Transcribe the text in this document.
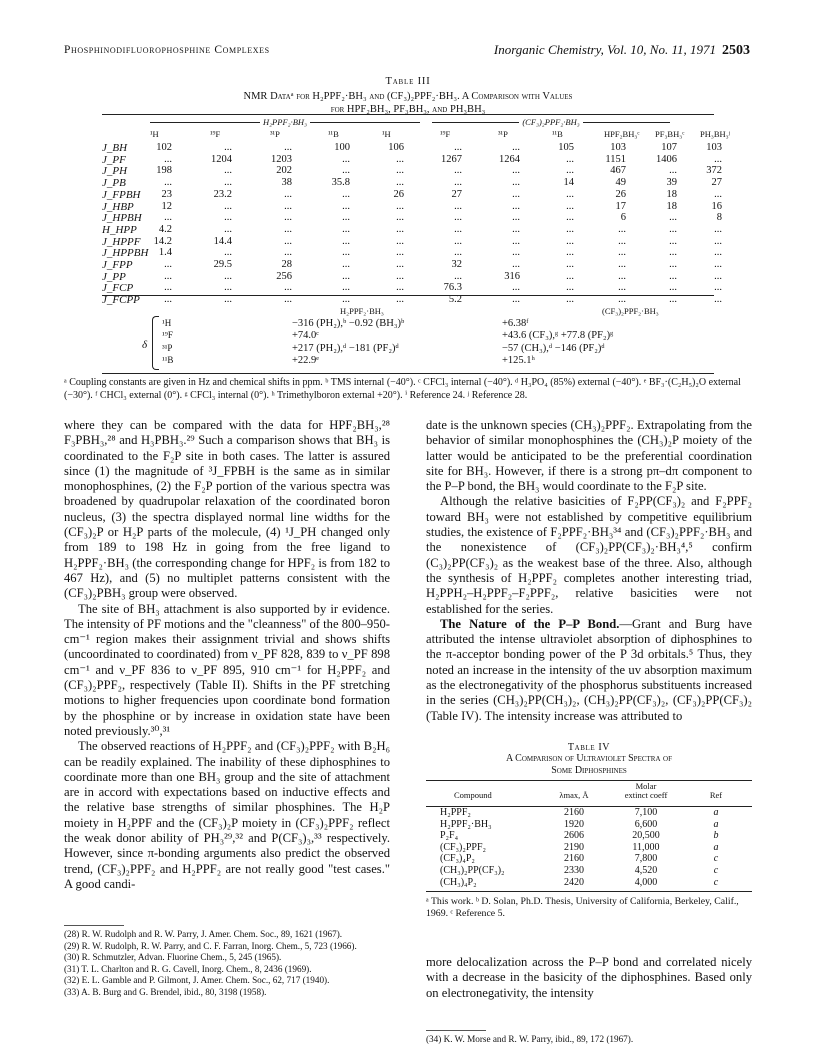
Phosphinodifluorophosphine Complexes	Inorganic Chemistry, Vol. 10, No. 11, 1971 2503
Table III
NMR Dataᵃ for H₂PPF₂·BH₃ and (CF₃)₂PPF₂·BH₃. A Comparison with Values
for HPF₂BH₃, PF₃BH₃, and PH₃BH₃
H₂PPF₂·BH₃	(CF₃)₂PPF₂·BH₃
¹H	¹⁹F	³¹P	¹¹B	¹H	¹⁹F	³¹P	¹¹B	HPF₂BH₃ᶜ PF₃BH₃ᶜ PH₃BH₃ʲ
J_BH	102	...	...	100	106	...	...	105	103	107	103
J_PF	...	1204	1203	...	...	1267	1264	...	1151	1406	...
J_PH	198	...	202	...	...	...	...	...	467	...	372
J_PB	...	...	38	35.8	...	...	...	14	49	39	27
J_FPBH	23	23.2	...	...	26	27	...	...	26	18	...
J_HBP	12	...	...	...	...	...	...	...	17	18	16
J_HPBH	...	...	...	...	...	...	...	...	6	...	8
H_HPP	4.2	...	...	...	...	...	...	...	...	...	...
J_HPPF	14.2	14.4	...	...	...	...	...	...	...	...	...
J_HPPBH 1.4	...	...	...	...	...	...	...	...	...	...
J_FPP	...	29.5	28	...	...	32	...	...	...	...	...
J_PP	...	...	256	...	...	...	316	...	...	...	...
J_FCP	...	...	...	...	...	76.3	...	...	...	...	...
J_FCPP	...	...	...	...	...	5.2	...	...	...	...	...
H₂PPF₂·BH₃	(CF₃)₂PPF₂·BH₃
δ
¹H	−316 (PH₂),ᵇ −0.92 (BH₃)ᵇ	+6.38ᶠ
¹⁹F	+74.0ᶜ	+43.6 (CF₃),ᵍ +77.8 (PF₂)ᵍ
³¹P	+217 (PH₂),ᵈ −181 (PF₂)ᵈ	−57 (CH₃),ᵈ −146 (PF₂)ᵈ
¹¹B	+22.9ᵉ	+125.1ʰ
ᵃ Coupling constants are given in Hz and chemical shifts in ppm. ᵇ TMS internal (−40°). ᶜ CFCl₃ internal (−40°). ᵈ H₃PO₄ (85%) external (−40°). ᵉ BF₃·(C₂H₅)₂O external (−30°). ᶠ CHCl₃ external (0°). ᵍ CFCl₃ internal (0°). ʰ Trimethylboron external +20°). ⁱ Reference 24. ʲ Reference 28.

where they can be compared with the data for HPF₂BH₃,²⁸ F₃PBH₃,²⁸ and H₃PBH₃.²⁹ Such a comparison shows that BH₃ is coordinated to the F₂P site in both cases. The latter is assured since (1) the magnitude of ³J_FPBH is the same as in similar monophosphines, (2) the F₂P portion of the various spectra was broadened by quadrupolar relaxation of the coordinated boron nucleus, (3) the spectra displayed normal line widths for the (CF₃)₂P or H₂P parts of the molecule, (4) ¹J_PH changed only from 189 to 198 Hz in going from the free ligand to H₂PPF₂·BH₃ (the corresponding change for HPF₂ is from 182 to 467 Hz), and (5) no multiplet patterns consistent with the (CF₃)₂PBH₃ group were observed.

The site of BH₃ attachment is also supported by ir evidence. The intensity of PF motions and the "cleanness" of the 800–950-cm⁻¹ region makes their assignment trivial and shows shifts (uncoordinated to coordinated) from ν_PF 828, 839 to ν_PF 898 cm⁻¹ and ν_PF 836 to ν_PF 895, 910 cm⁻¹ for H₂PPF₂ and (CF₃)₂PPF₂, respectively (Table II). Shifts in the PF stretching motions to higher frequencies upon coordinate bond formation by the phosphine or by increase in oxidation state have been noted previously.³⁰,³¹

The observed reactions of H₂PPF₂ and (CF₃)₂PPF₂ with B₂H₆ can be readily explained. The inability of these diphosphines to coordinate more than one BH₃ group and the site of attachment are in accord with expectations based on inductive effects and the relative base strengths of similar phosphines. The H₂P moiety in H₂PPF and the (CF₃)₂P moiety in (CF₃)₂PPF₂ reflect the weak donor ability of PH₃²⁹,³² and P(CF₃)₃,³³ respectively. However, since π-bonding arguments also predict the observed trend, (CF₃)₂PPF₂ and H₂PPF₂ are not really good "test cases." A good candi-

(28) R. W. Rudolph and R. W. Parry, J. Amer. Chem. Soc., 89, 1621 (1967).

(29) R. W. Rudolph, R. W. Parry, and C. F. Farran, Inorg. Chem., 5, 723 (1966).

(30) R. Schmutzler, Advan. Fluorine Chem., 5, 245 (1965).

(31) T. L. Charlton and R. G. Cavell, Inorg. Chem., 8, 2436 (1969).

(32) E. L. Gamble and P. Gilmont, J. Amer. Chem. Soc., 62, 717 (1940).

(33) A. B. Burg and G. Brendel, ibid., 80, 3198 (1958).

date is the unknown species (CH₃)₂PPF₂. Extrapolating from the behavior of similar monophosphines the (CH₃)₂P moiety of the latter would be anticipated to be the preferential coordination site for BH₃. However, if there is a strong pπ–dπ component to the P–P bond, the BH₃ would coordinate to the F₂P site.

Although the relative basicities of F₂PP(CF₃)₂ and F₂PPF₂ toward BH₃ were not established by competitive equilibrium studies, the existence of F₂PPF₂·BH₃³⁴ and (CF₃)₂PPF₂·BH₃ and the nonexistence of (CF₃)₂PP(CF₃)₂·BH₃⁴,⁵ confirm (C₃)₂PP(CF₃)₂ as the weakest base of the three. Also, although the synthesis of H₂PPF₂ completes another interesting triad, H₂PPH₂–H₂PPF₂–F₂PPF₂, relative basicities were not established for the series.

The Nature of the P–P Bond.—Grant and Burg have attributed the intense ultraviolet absorption of diphosphines to the π-acceptor bonding power of the P 3d orbitals.⁵ Thus, they noted an increase in the intensity of the uv absorption maximum as the electronegativity of the phosphorus substituents increased in the series (CH₃)₂PP(CH₃)₂, (CH₃)₂PP(CF₃)₂, (CF₃)₂PP(CF₃)₂ (Table IV). The intensity increase was attributed to

Table IV
A Comparison of Ultraviolet Spectra of
Some Diphosphines
Compound	λmax, Å
Molar
extinct coeff	Ref
H₂PPF₂	2160	7,100	a
H₂PPF₂·BH₃	1920	6,600	a
P₂F₄	2606	20,500	b
(CF₃)₂PPF₂	2190	11,000	a
(CF₃)₄P₂	2160	7,800	c
(CH₃)₂PP(CF₃)₂	2330	4,520	c
(CH₃)₄P₂	2420	4,000	c
ᵃ This work. ᵇ D. Solan, Ph.D. Thesis, University of California, Berkeley, Calif., 1969. ᶜ Reference 5.

more delocalization across the P–P bond and correlated nicely with a decrease in the basicity of the diphosphines. Based only on electronegativity, the intensity

(34) K. W. Morse and R. W. Parry, ibid., 89, 172 (1967).
